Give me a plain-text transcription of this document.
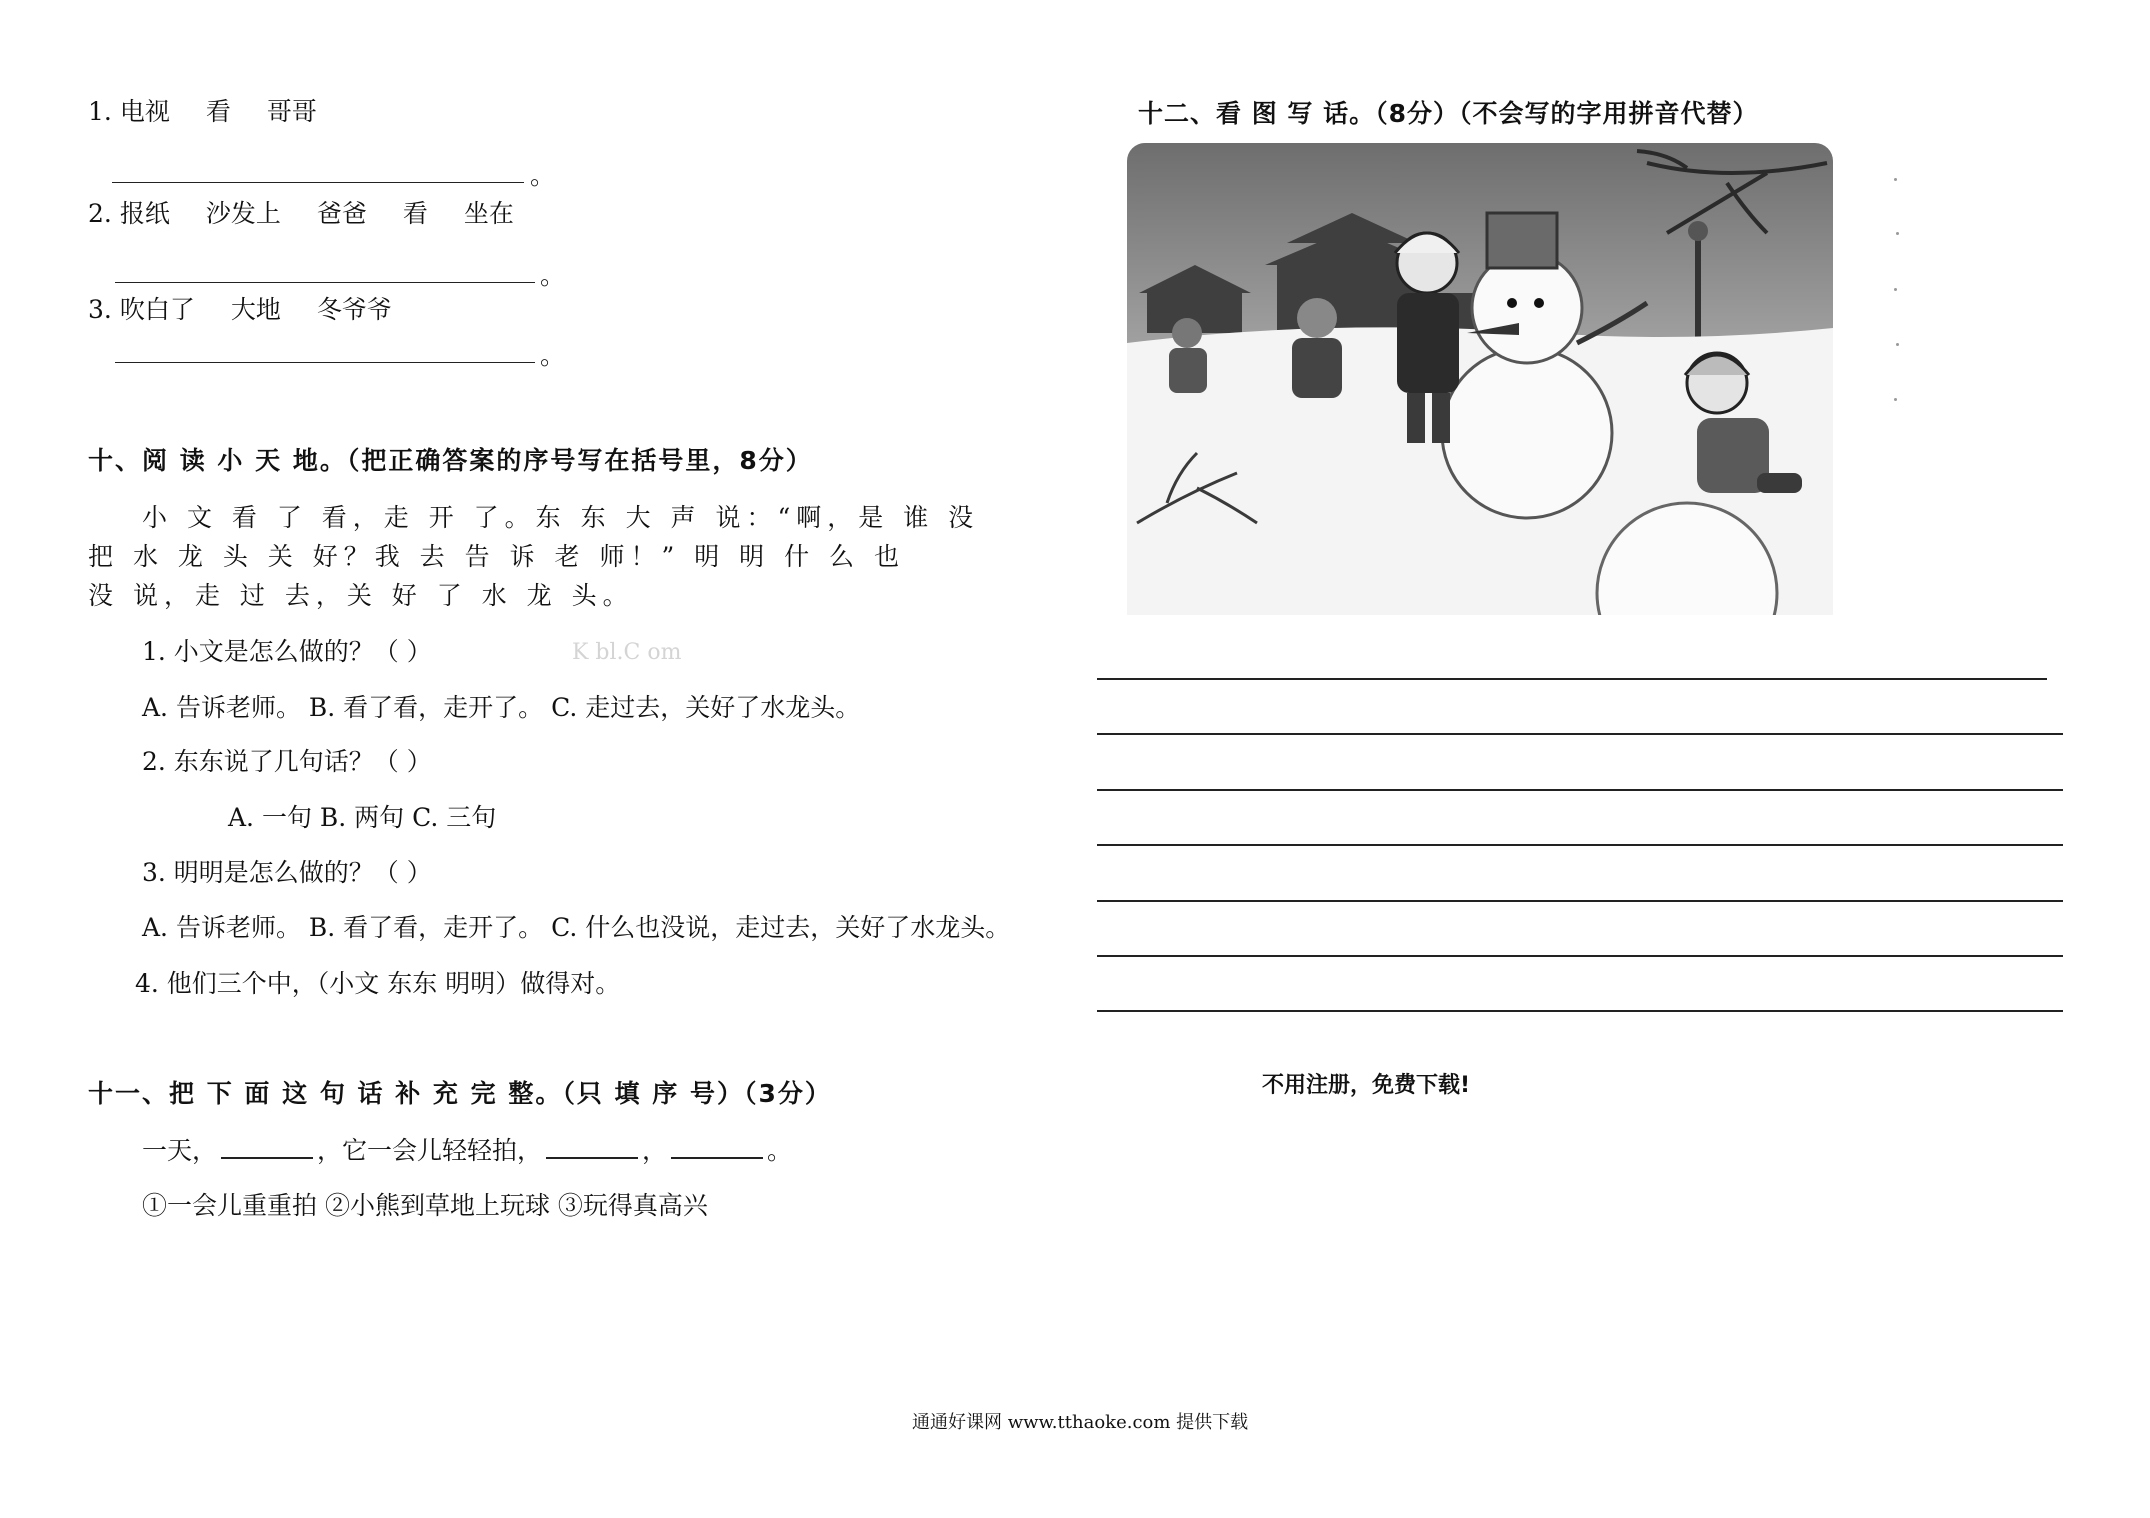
1. 电视 看 哥哥
。
2. 报纸 沙发上 爸爸 看 坐在
。
3. 吹白了 大地 冬爷爷
。
十、阅 读 小 天 地。（把正确答案的序号写在括号里，8分）
小 文 看 了 看，走 开 了。东 东 大 声 说：“啊，是 谁 没
把 水 龙 头 关 好？我 去 告 诉 老 师！” 明 明 什 么 也
没 说，走 过 去，关 好 了 水 龙 头。
1. 小文是怎么做的？（ ）	K bl.C om
A. 告诉老师。 B. 看了看，走开了。 C. 走过去，关好了水龙头。
2. 东东说了几句话？（ ）
A. 一句 B. 两句 C. 三句
3. 明明是怎么做的？（ ）
A. 告诉老师。 B. 看了看，走开了。 C. 什么也没说，走过去，关好了水龙头。
4. 他们三个中，（小文 东东 明明）做得对。
十一、把 下 面 这 句 话 补 充 完 整。（只 填 序 号）（3分）
一天，	，它一会儿轻轻拍，	，	。
①一会儿重重拍 ②小熊到草地上玩球 ③玩得真高兴
十二、看 图 写 话。（8分）（不会写的字用拼音代替）
不用注册，免费下载!
通通好课网 www.tthaoke.com 提供下载
